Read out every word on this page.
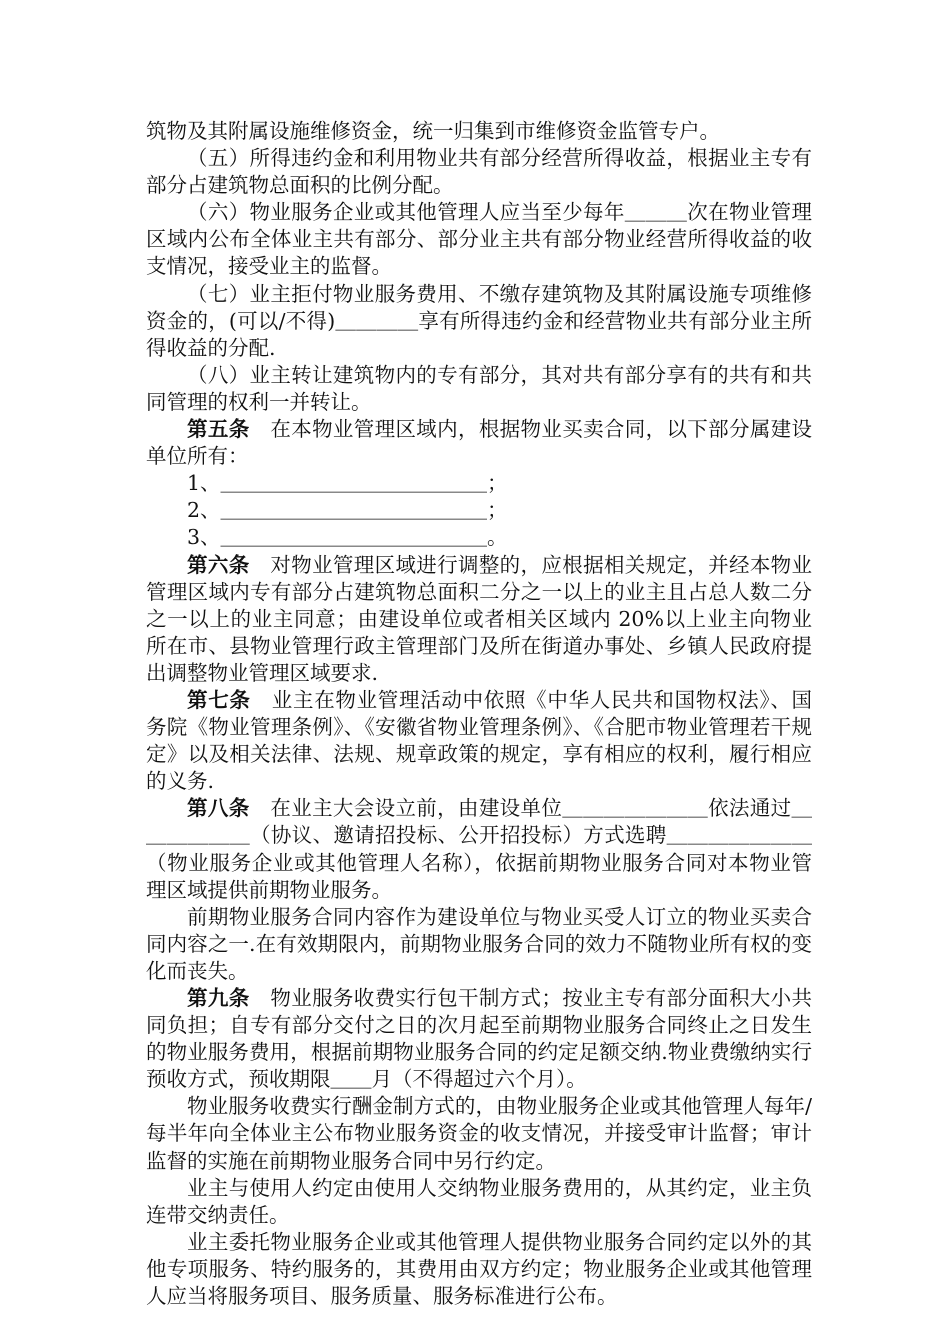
筑物及其附属设施维修资金，统一归集到市维修资金监管专户。

（五）所得违约金和利用物业共有部分经营所得收益，根据业主专有部分占建筑物总面积的比例分配。

（六）物业服务企业或其他管理人应当至少每年＿＿＿次在物业管理区域内公布全体业主共有部分、部分业主共有部分物业经营所得收益的收支情况，接受业主的监督。

（七）业主拒付物业服务费用、不缴存建筑物及其附属设施专项维修资金的，(可以/不得)＿＿＿＿享有所得违约金和经营物业共有部分业主所得收益的分配.

（八）业主转让建筑物内的专有部分，其对共有部分享有的共有和共同管理的权利一并转让。

第五条　在本物业管理区域内，根据物业买卖合同，以下部分属建设单位所有：

1、＿＿＿＿＿＿＿＿＿＿＿＿＿；

2、＿＿＿＿＿＿＿＿＿＿＿＿＿；

3、＿＿＿＿＿＿＿＿＿＿＿＿＿。

第六条　对物业管理区域进行调整的，应根据相关规定，并经本物业管理区域内专有部分占建筑物总面积二分之一以上的业主且占总人数二分之一以上的业主同意；由建设单位或者相关区域内 20%以上业主向物业所在市、县物业管理行政主管理部门及所在街道办事处、乡镇人民政府提出调整物业管理区域要求.

第七条　业主在物业管理活动中依照《中华人民共和国物权法》、国务院《物业管理条例》、《安徽省物业管理条例》、《合肥市物业管理若干规定》以及相关法律、法规、规章政策的规定，享有相应的权利，履行相应的义务.

第八条　在业主大会设立前，由建设单位＿＿＿＿＿＿＿依法通过＿＿＿＿＿＿（协议、邀请招投标、公开招投标）方式选聘＿＿＿＿＿＿＿（物业服务企业或其他管理人名称），依据前期物业服务合同对本物业管理区域提供前期物业服务。

前期物业服务合同内容作为建设单位与物业买受人订立的物业买卖合同内容之一.在有效期限内，前期物业服务合同的效力不随物业所有权的变化而丧失。

第九条　物业服务收费实行包干制方式；按业主专有部分面积大小共同负担；自专有部分交付之日的次月起至前期物业服务合同终止之日发生的物业服务费用，根据前期物业服务合同的约定足额交纳.物业费缴纳实行预收方式，预收期限＿＿月（不得超过六个月）。

物业服务收费实行酬金制方式的，由物业服务企业或其他管理人每年/每半年向全体业主公布物业服务资金的收支情况，并接受审计监督；审计监督的实施在前期物业服务合同中另行约定。

业主与使用人约定由使用人交纳物业服务费用的，从其约定，业主负连带交纳责任。

业主委托物业服务企业或其他管理人提供物业服务合同约定以外的其他专项服务、特约服务的，其费用由双方约定；物业服务企业或其他管理人应当将服务项目、服务质量、服务标准进行公布。
